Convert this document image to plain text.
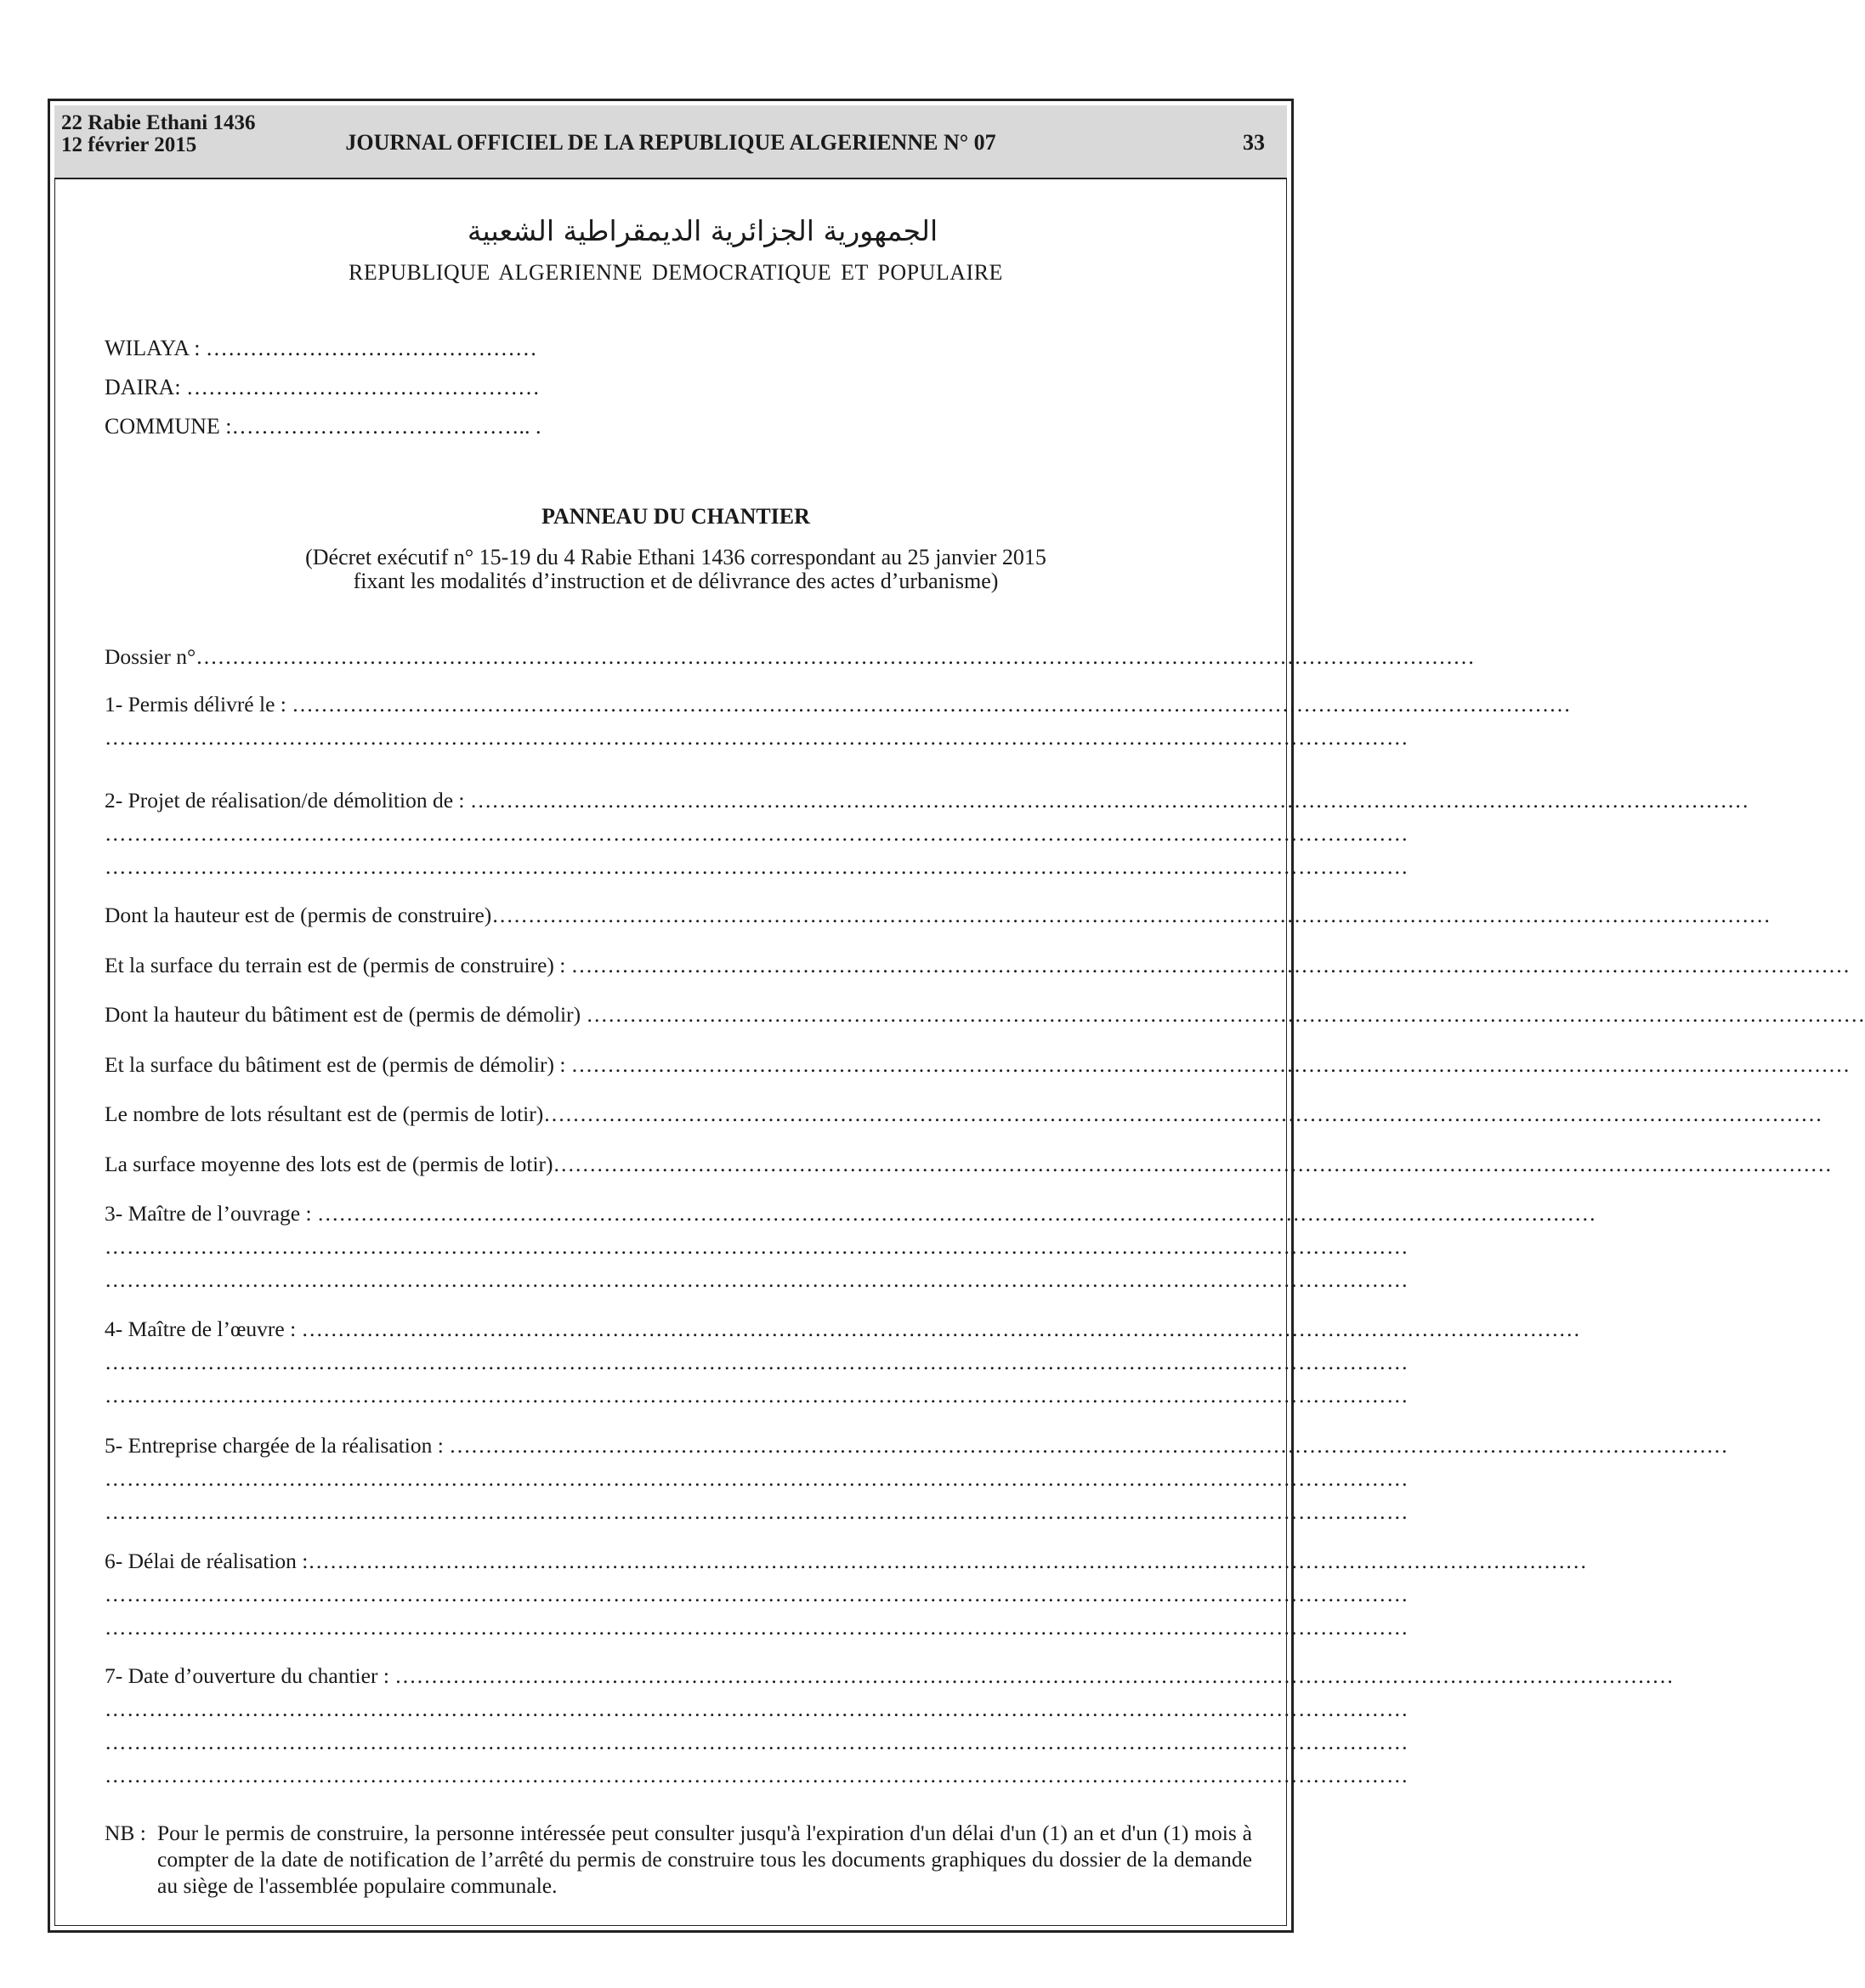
22 Rabie Ethani 1436
12 février 2015	JOURNAL OFFICIEL DE LA REPUBLIQUE ALGERIENNE N° 07	33
الجمهورية الجزائرية الديمقراطية الشعبية
REPUBLIQUE ALGERIENNE DEMOCRATIQUE ET POPULAIRE
WILAYA : ………………………………………
DAIRA: …………………………………………
COMMUNE :………………………………….. .
PANNEAU DU CHANTIER
(Décret exécutif n° 15-19 du 4 Rabie Ethani 1436 correspondant au 25 janvier 2015
fixant les modalités d’instruction et de délivrance des actes d’urbanisme)
Dossier n°……………………………………………………………………………………………………………………………………………………………
1- Permis délivré le : ……………………………………………………………………………………………………………………………………………………………
……………………………………………………………………………………………………………………………………………………………
2- Projet de réalisation/de démolition de : ……………………………………………………………………………………………………………………………………………………………
……………………………………………………………………………………………………………………………………………………………
……………………………………………………………………………………………………………………………………………………………
Dont la hauteur est de (permis de construire)……………………………………………………………………………………………………………………………………………………………
Et la surface du terrain est de (permis de construire) : ……………………………………………………………………………………………………………………………………………………………
Dont la hauteur du bâtiment est de (permis de démolir) ……………………………………………………………………………………………………………………………………………………………
Et la surface du bâtiment est de (permis de démolir) : ……………………………………………………………………………………………………………………………………………………………
Le nombre de lots résultant est de (permis de lotir)……………………………………………………………………………………………………………………………………………………………
La surface moyenne des lots est de (permis de lotir)……………………………………………………………………………………………………………………………………………………………
3- Maître de l’ouvrage : ……………………………………………………………………………………………………………………………………………………………
……………………………………………………………………………………………………………………………………………………………
……………………………………………………………………………………………………………………………………………………………
4- Maître de l’œuvre : ……………………………………………………………………………………………………………………………………………………………
……………………………………………………………………………………………………………………………………………………………
……………………………………………………………………………………………………………………………………………………………
5- Entreprise chargée de la réalisation : ……………………………………………………………………………………………………………………………………………………………
……………………………………………………………………………………………………………………………………………………………
……………………………………………………………………………………………………………………………………………………………
6- Délai de réalisation :……………………………………………………………………………………………………………………………………………………………
……………………………………………………………………………………………………………………………………………………………
……………………………………………………………………………………………………………………………………………………………
7- Date d’ouverture du chantier : ……………………………………………………………………………………………………………………………………………………………
……………………………………………………………………………………………………………………………………………………………
……………………………………………………………………………………………………………………………………………………………
……………………………………………………………………………………………………………………………………………………………
NB : Pour le permis de construire, la personne intéressée peut consulter jusqu'à l'expiration d'un délai d'un (1) an et d'un (1) mois à compter de la date de notification de l’arrêté du permis de construire tous les documents graphiques du dossier de la demande au siège de l'assemblée populaire communale.
